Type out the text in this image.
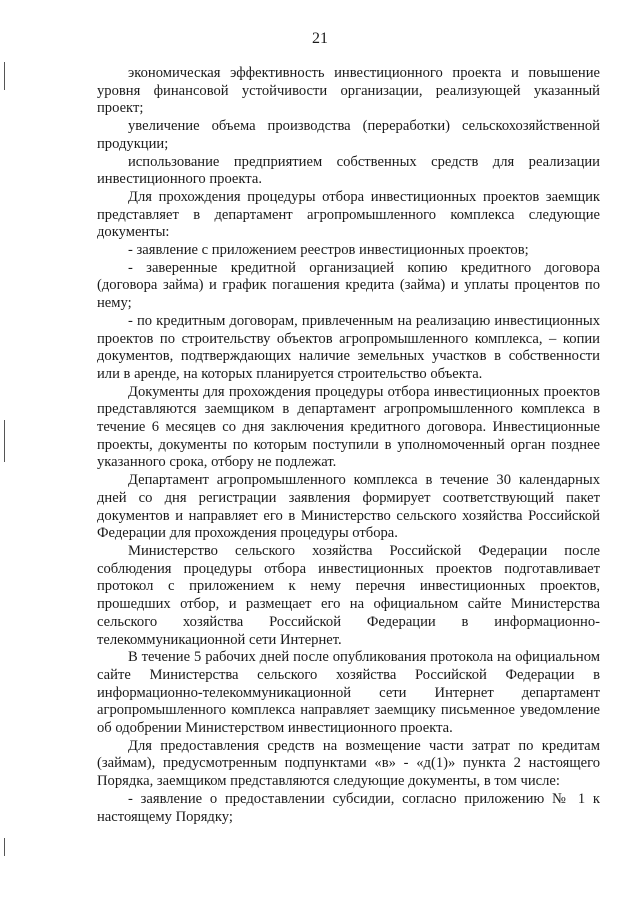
21

экономическая эффективность инвестиционного проекта и повышение уровня финансовой устойчивости организации, реализующей указанный проект;

увеличение объема производства (переработки) сельскохозяйственной продукции;

использование предприятием собственных средств для реализации инвестиционного проекта.

Для прохождения процедуры отбора инвестиционных проектов заемщик представляет в департамент агропромышленного комплекса следующие документы:

- заявление с приложением реестров инвестиционных проектов;

- заверенные кредитной организацией копию кредитного договора (договора займа) и график погашения кредита (займа) и уплаты процентов по нему;

- по кредитным договорам, привлеченным на реализацию инвестиционных проектов по строительству объектов агропромышленного комплекса, – копии документов, подтверждающих наличие земельных участков в собственности или в аренде, на которых планируется строительство объекта.

Документы для прохождения процедуры отбора инвестиционных проектов представляются заемщиком в департамент агропромышленного комплекса в течение 6 месяцев со дня заключения кредитного договора. Инвестиционные проекты, документы по которым поступили в уполномоченный орган позднее указанного срока, отбору не подлежат.

Департамент агропромышленного комплекса в течение 30 календарных дней со дня регистрации заявления формирует соответствующий пакет документов и направляет его в Министерство сельского хозяйства Российской Федерации для прохождения процедуры отбора.

Министерство сельского хозяйства Российской Федерации после соблюдения процедуры отбора инвестиционных проектов подготавливает протокол с приложением к нему перечня инвестиционных проектов, прошедших отбор, и размещает его на официальном сайте Министерства сельского хозяйства Российской Федерации в информационно-телекоммуникационной сети Интернет.

В течение 5 рабочих дней после опубликования протокола на официальном сайте Министерства сельского хозяйства Российской Федерации в информационно-телекоммуникационной сети Интернет департамент агропромышленного комплекса направляет заемщику письменное уведомление об одобрении Министерством инвестиционного проекта.

Для предоставления средств на возмещение части затрат по кредитам (займам), предусмотренным подпунктами «в» - «д(1)» пункта 2 настоящего Порядка, заемщиком представляются следующие документы, в том числе:

- заявление о предоставлении субсидии, согласно приложению № 1 к настоящему Порядку;
